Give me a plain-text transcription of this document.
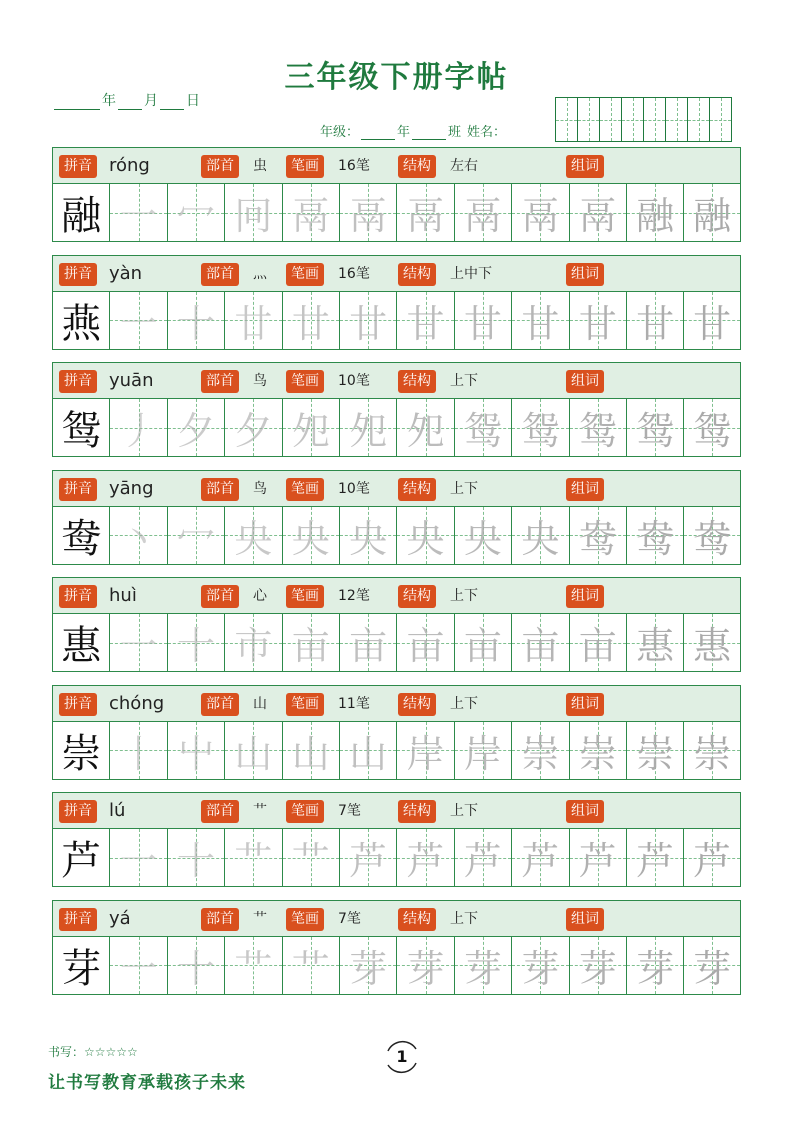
三年级下册字帖
年 月 日
年级：	年	班 姓名：
拼音 róng	部首	虫	笔画	16笔	结构	左右	组词
融 一 冖 冋 鬲 鬲 鬲 鬲 鬲 鬲 融 融
拼音 yàn	部首	灬	笔画	16笔	结构	上中下	组词
燕 一 十 廿 廿 廿 甘 甘 甘 甘 甘 甘
拼音 yuān	部首	鸟	笔画	10笔	结构	上下	组词
鸳 丿 夕 夕 夗 夗 夗 鸳 鸳 鸳 鸳 鸳
拼音 yāng	部首	鸟	笔画	10笔	结构	上下	组词
鸯 丶 冖 央 央 央 央 央 央 鸯 鸯 鸯
拼音 huì	部首	心	笔画	12笔	结构	上下	组词
惠 一 十 市 亩 亩 亩 亩 亩 亩 惠 惠
拼音 chóng	部首	山	笔画	11笔	结构	上下	组词
崇 丨 屮 山 山 山 岸 岸 崇 崇 崇 崇
拼音 lú	部首	艹	笔画	7笔	结构	上下	组词
芦 一 十 艹 艹 芦 芦 芦 芦 芦 芦 芦
拼音 yá	部首	艹	笔画	7笔	结构	上下	组词
芽 一 十 艹 艹 芽 芽 芽 芽 芽 芽 芽
书写：☆☆☆☆☆
让书写教育承载孩子未来
1
